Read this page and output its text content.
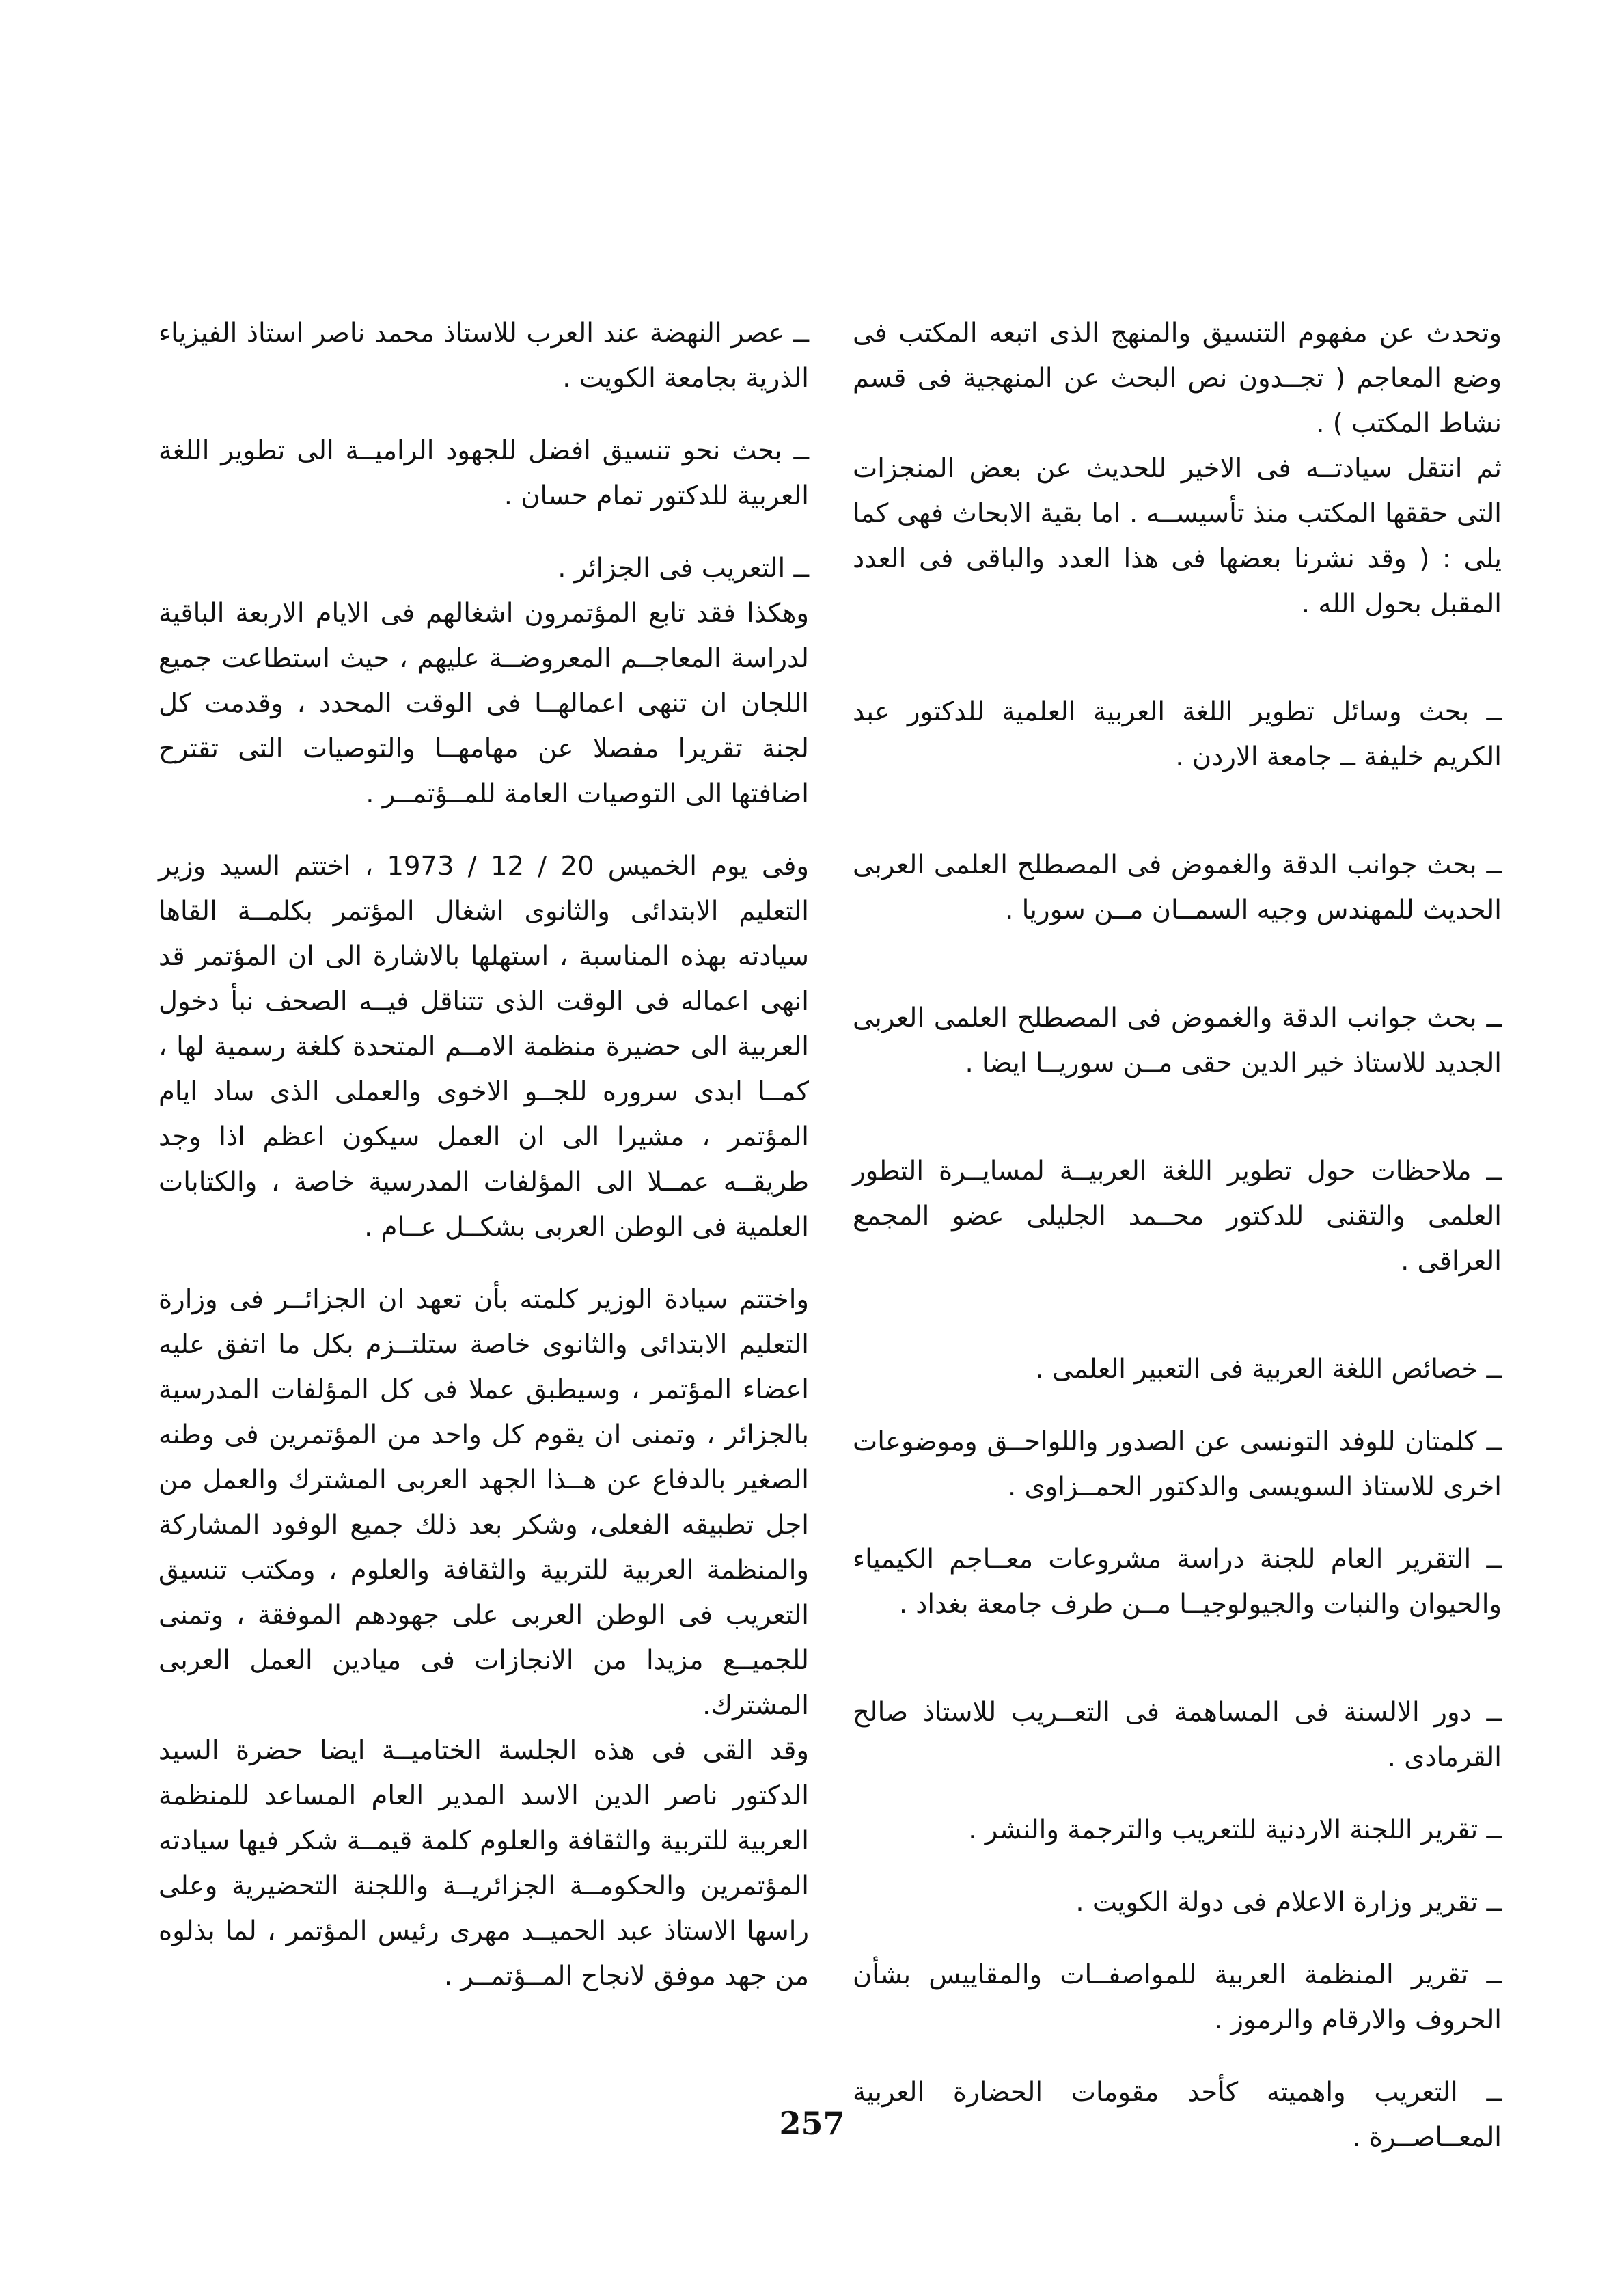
وتحدث عن مفهوم التنسيق والمنهج الذى اتبعه المكتب فى وضع المعاجم ( تجــدون نص البحث عن المنهجية فى قسم نشاط المكتب ) .

ثم انتقل سيادتــه فى الاخير للحديث عن بعض المنجزات التى حققها المكتب منذ تأسيســه . اما بقية الابحاث فهى كما يلى : ( وقد نشرنا بعضها فى هذا العدد والباقى فى العدد المقبل بحول الله .

ــ بحث وسائل تطوير اللغة العربية العلمية للدكتور عبد الكريم خليفة ــ جامعة الاردن .
ــ بحث جوانب الدقة والغموض فى المصطلح العلمى العربى الحديث للمهندس وجيه السمــان مــن سوريا .
ــ بحث جوانب الدقة والغموض فى المصطلح العلمى العربى الجديد للاستاذ خير الدين حقى مــن سوريــا ايضا .
ــ ملاحظات حول تطوير اللغة العربيــة لمسايــرة التطور العلمى والتقنى للدكتور محــمد الجليلى عضو المجمع العراقى .
ــ خصائص اللغة العربية فى التعبير العلمى .
ــ كلمتان للوفد التونسى عن الصدور واللواحــق وموضوعات اخرى للاستاذ السويسى والدكتور الحمــزاوى .
ــ التقرير العام للجنة دراسة مشروعات معــاجم الكيمياء والحيوان والنبات والجيولوجيــا مــن طرف جامعة بغداد .
ــ دور الالسنة فى المساهمة فى التعــريب للاستاذ صالح القرمادى .
ــ تقرير اللجنة الاردنية للتعريب والترجمة والنشر .
ــ تقرير وزارة الاعلام فى دولة الكويت .
ــ تقرير المنظمة العربية للمواصفــات والمقاييس بشأن الحروف والارقام والرموز .
ــ التعريب واهميته كأحد مقومات الحضارة العربية المعــاصــرة .
ــ عصر النهضة عند العرب للاستاذ محمد ناصر استاذ الفيزياء الذرية بجامعة الكويت .
ــ بحث نحو تنسيق افضل للجهود الراميــة الى تطوير اللغة العربية للدكتور تمام حسان .
ــ التعريب فى الجزائر .

وهكذا فقد تابع المؤتمرون اشغالهم فى الايام الاربعة الباقية لدراسة المعاجــم المعروضــة عليهم ، حيث استطاعت جميع اللجان ان تنهى اعمالهــا فى الوقت المحدد ، وقدمت كل لجنة تقريرا مفصلا عن مهامهــا والتوصيات التى تقترح اضافتها الى التوصيات العامة للمــؤتمــر .

وفى يوم الخميس 20 / 12 / 1973 ، اختتم السيد وزير التعليم الابتدائى والثانوى اشغال المؤتمر بكلمــة القاها سيادته بهذه المناسبة ، استهلها بالاشارة الى ان المؤتمر قد انهى اعماله فى الوقت الذى تتناقل فيــه الصحف نبأ دخول العربية الى حضيرة منظمة الامــم المتحدة كلغة رسمية لها ، كمــا ابدى سروره للجــو الاخوى والعملى الذى ساد ايام المؤتمر ، مشيرا الى ان العمل سيكون اعظم اذا وجد طريقــه عمــلا الى المؤلفات المدرسية خاصة ، والكتابات العلمية فى الوطن العربى بشكــل عــام .

واختتم سيادة الوزير كلمته بأن تعهد ان الجزائــر فى وزارة التعليم الابتدائى والثانوى خاصة ستلتــزم بكل ما اتفق عليه اعضاء المؤتمر ، وسيطبق عملا فى كل المؤلفات المدرسية بالجزائر ، وتمنى ان يقوم كل واحد من المؤتمرين فى وطنه الصغير بالدفاع عن هــذا الجهد العربى المشترك والعمل من اجل تطبيقه الفعلى، وشكر بعد ذلك جميع الوفود المشاركة والمنظمة العربية للتربية والثقافة والعلوم ، ومكتب تنسيق التعريب فى الوطن العربى على جهودهم الموفقة ، وتمنى للجميــع مزيدا من الانجازات فى ميادين العمل العربى المشترك.

وقد القى فى هذه الجلسة الختاميــة ايضا حضرة السيد الدكتور ناصر الدين الاسد المدير العام المساعد للمنظمة العربية للتربية والثقافة والعلوم كلمة قيمــة شكر فيها سيادته المؤتمرين والحكومــة الجزائريــة واللجنة التحضيرية وعلى راسها الاستاذ عبد الحميــد مهرى رئيس المؤتمر ، لما بذلوه من جهد موفق لانجاح المــؤتمــر .

257
